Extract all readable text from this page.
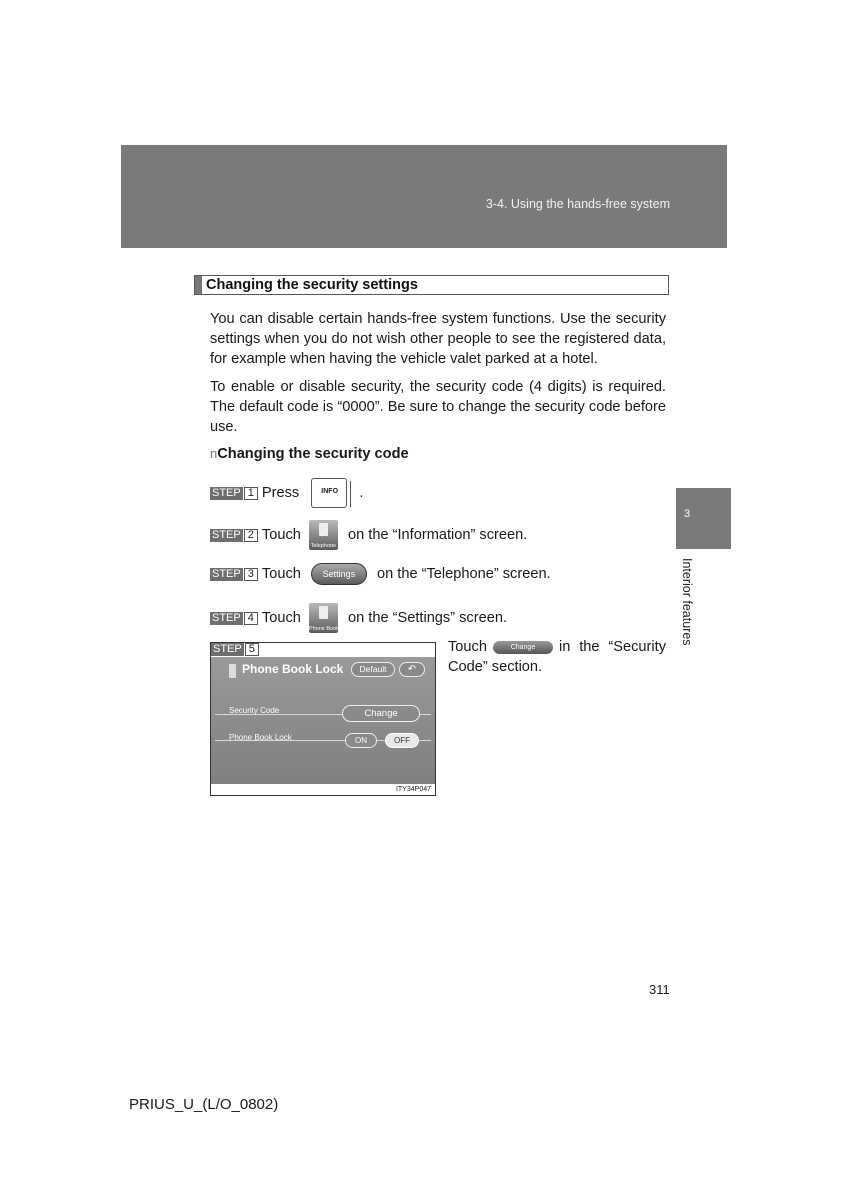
3-4. Using the hands-free system
3
Interior features
Changing the security settings
You can disable certain hands-free system functions. Use the security settings when you do not wish other people to see the registered data, for example when having the vehicle valet parked at a hotel.
To enable or disable security, the security code (4 digits) is required. The default code is “0000”. Be sure to change the security code before use.
nChanging the security code
STEP 1 Press	INFO .
STEP 2 Touch
Telephone
on the “Information” screen.
STEP 3 Touch	Settings	on the “Telephone” screen.
STEP 4 Touch
Phone Book Lock
on the “Settings” screen.
STEP 5
Phone Book Lock	Default	↶
Security Code	Change
Phone Book Lock	ON	OFF
ITY34P047
Touch	Change	in the “Security Code” section.
311
PRIUS_U_(L/O_0802)
